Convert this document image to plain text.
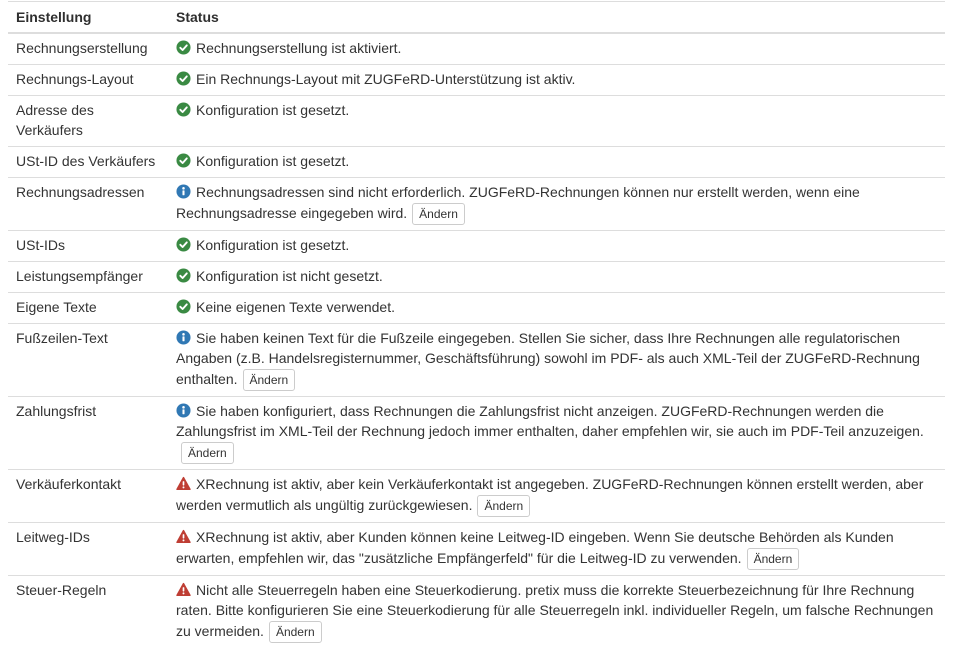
Einstellung	Status
Rechnungserstellung	Rechnungserstellung ist aktiviert.

Rechnungs-Layout	Ein Rechnungs-Layout mit ZUGFeRD-Unterstützung ist aktiv.

Adresse des Verkäufers	Konfiguration ist gesetzt.

USt-ID des Verkäufers	Konfiguration ist gesetzt.

Rechnungsadressen	Rechnungsadressen sind nicht erforderlich. ZUGFeRD-Rechnungen können nur erstellt werden, wenn eine Rechnungsadresse eingegeben wird. Ändern

USt-IDs	Konfiguration ist gesetzt.

Leistungsempfänger	Konfiguration ist nicht gesetzt.

Eigene Texte	Keine eigenen Texte verwendet.

Fußzeilen-Text	Sie haben keinen Text für die Fußzeile eingegeben. Stellen Sie sicher, dass Ihre Rechnungen alle regulatorischen Angaben (z.B. Handelsregisternummer, Geschäftsführung) sowohl im PDF- als auch XML-Teil der ZUGFeRD-Rechnung enthalten. Ändern

Zahlungsfrist	Sie haben konfiguriert, dass Rechnungen die Zahlungsfrist nicht anzeigen. ZUGFeRD-Rechnungen werden die Zahlungsfrist im XML-Teil der Rechnung jedoch immer enthalten, daher empfehlen wir, sie auch im PDF-Teil anzuzeigen.Ändern

Verkäuferkontakt	XRechnung ist aktiv, aber kein Verkäuferkontakt ist angegeben. ZUGFeRD-Rechnungen können erstellt werden, aber werden vermutlich als ungültig zurückgewiesen. Ändern

Leitweg-IDs	XRechnung ist aktiv, aber Kunden können keine Leitweg-ID eingeben. Wenn Sie deutsche Behörden als Kunden erwarten, empfehlen wir, das "zusätzliche Empfängerfeld" für die Leitweg-ID zu verwenden. Ändern

Steuer-Regeln	Nicht alle Steuerregeln haben eine Steuerkodierung. pretix muss die korrekte Steuerbezeichnung für Ihre Rechnung raten. Bitte konfigurieren Sie eine Steuerkodierung für alle Steuerregeln inkl. individueller Regeln, um falsche Rechnungen zu vermeiden. Ändern
